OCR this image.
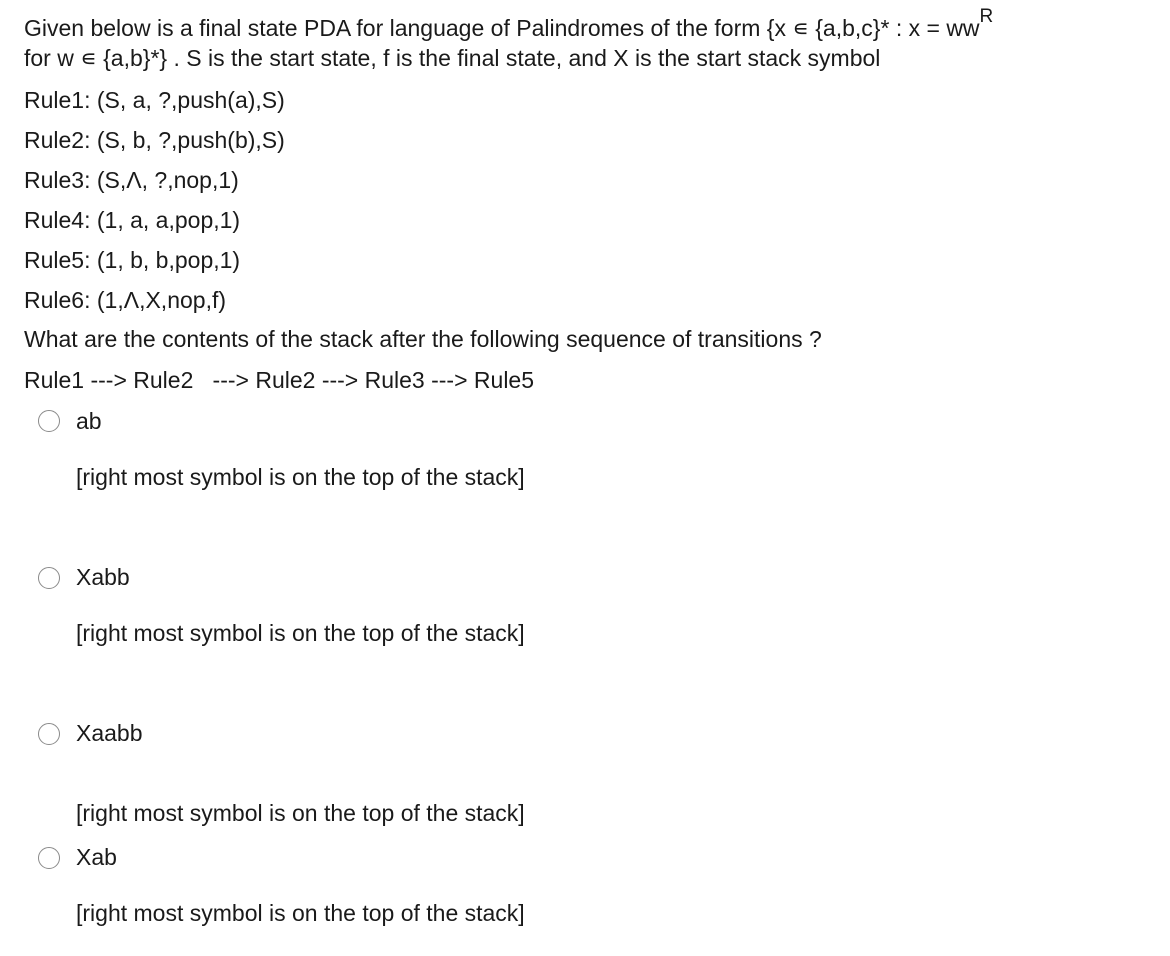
Given below is a final state PDA for language of Palindromes of the form {x ∊ {a,b,c}* : $x = ww^R$
for w ∊ {a,b}*} . S is the start state, f is the final state, and X is the start stack symbol
Rule1: (S, a, ?,push(a),S)
Rule2: (S, b, ?,push(b),S)
Rule3: (S,Λ, ?,nop,1)
Rule4: (1, a, a,pop,1)
Rule5: (1, b, b,pop,1)
Rule6: (1,Λ,X,nop,f)
What are the contents of the stack after the following sequence of transitions ?
Rule1 ---> Rule2   ---> Rule2 ---> Rule3 ---> Rule5
ab
[right most symbol is on the top of the stack]
Xabb
[right most symbol is on the top of the stack]
Xaabb
[right most symbol is on the top of the stack]
Xab
[right most symbol is on the top of the stack]
